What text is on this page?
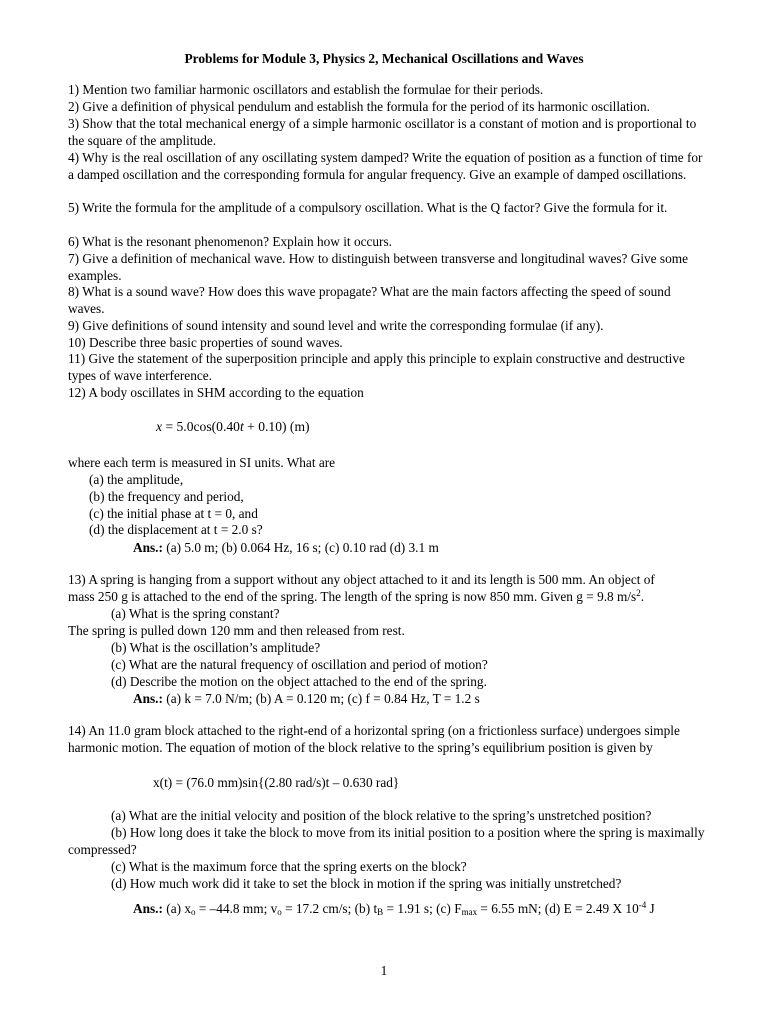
Problems for Module 3, Physics 2, Mechanical Oscillations and Waves
1) Mention two familiar harmonic oscillators and establish the formulae for their periods.
2) Give a definition of physical pendulum and establish the formula for the period of its harmonic oscillation.
3) Show that the total mechanical energy of a simple harmonic oscillator is a constant of motion and is proportional to the square of the amplitude.
4) Why is the real oscillation of any oscillating system damped? Write the equation of position as a function of time for a damped oscillation and the corresponding formula for angular frequency. Give an example of damped oscillations.
5) Write the formula for the amplitude of a compulsory oscillation. What is the Q factor? Give the formula for it.
6) What is the resonant phenomenon? Explain how it occurs.
7) Give a definition of mechanical wave. How to distinguish between transverse and longitudinal waves? Give some examples.
8) What is a sound wave? How does this wave propagate? What are the main factors affecting the speed of sound waves.
9) Give definitions of sound intensity and sound level and write the corresponding formulae (if any).
10) Describe three basic properties of sound waves.
11) Give the statement of the superposition principle and apply this principle to explain constructive and destructive types of wave interference.
12) A body oscillates in SHM according to the equation
x = 5.0cos(0.40t + 0.10) (m)
where each term is measured in SI units. What are
(a) the amplitude,
(b) the frequency and period,
(c) the initial phase at t = 0, and
(d) the displacement at t = 2.0 s?
Ans.: (a) 5.0 m; (b) 0.064 Hz, 16 s; (c) 0.10 rad (d) 3.1 m
13) A spring is hanging from a support without any object attached to it and its length is 500 mm. An object of
mass 250 g is attached to the end of the spring. The length of the spring is now 850 mm. Given g = 9.8 $m/s^2$.
(a) What is the spring constant?
The spring is pulled down 120 mm and then released from rest.
(b) What is the oscillation’s amplitude?
(c) What are the natural frequency of oscillation and period of motion?
(d) Describe the motion on the object attached to the end of the spring.
Ans.: (a) k = 7.0 N/m; (b) A = 0.120 m; (c) f = 0.84 Hz, T = 1.2 s
14) An 11.0 gram block attached to the right-end of a horizontal spring (on a frictionless surface) undergoes simple harmonic motion. The equation of motion of the block relative to the spring’s equilibrium position is given by
x(t) = (76.0 mm)sin{(2.80 rad/s)t – 0.630 rad}
(a) What are the initial velocity and position of the block relative to the spring’s unstretched position?
(b) How long does it take the block to move from its initial position to a position where the spring is maximally compressed?
(c) What is the maximum force that the spring exerts on the block?
(d) How much work did it take to set the block in motion if the spring was initially unstretched?
Ans.: (a) $x_o = -44.8$ mm; $v_o = 17.2$ cm/s; (b) $t_B = 1.91$ s; (c) $F_{max} = 6.55$ mN; (d) E = 2.49 X $10^{-4}$ J
1
